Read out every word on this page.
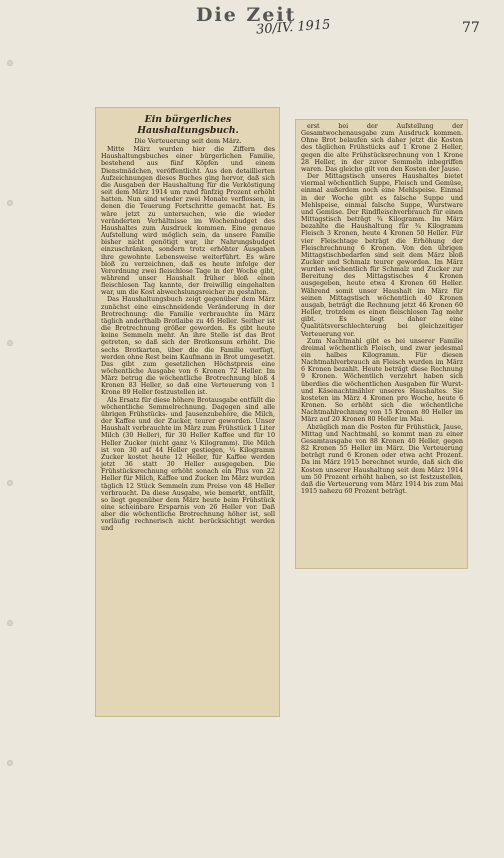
Die Zeit
30/IV. 1915	77
Ein bürgerliches Haushaltungsbuch.
Die Verteuerung seit dem März.

Mitte März wurden hier die Ziffern des Haushaltungsbuches einer bürgerlichen Familie, bestehend aus fünf Köpfen und einem Dienstmädchen, veröffentlicht. Aus den detaillierten Aufzeichnungen dieses Buches ging hervor, daß sich die Ausgaben der Haushaltung für die Verköstigung seit dem März 1914 um rund fünfzig Prozent erhöht hatten. Nun sind wieder zwei Monate verflossen, in denen die Teuerung Fortschritte gemacht hat. Es wäre jetzt zu untersuchen, wie die wieder veränderten Verhältnisse im Wochenbudget des Haushaltes zum Ausdruck kommen. Eine genaue Aufstellung wird möglich sein, da unsere Familie bisher nicht genötigt war, ihr Nahrungsbudget einzuschränken, sondern trotz erhöhter Ausgaben ihre gewohnte Lebensweise weiterführt. Es wäre bloß zu verzeichnen, daß es heute infolge der Verordnung zwei fleischlose Tage in der Woche gibt, während unser Haushalt früher bloß einen fleischlosen Tag kannte, der freiwillig eingehalten war, um die Kost abwechslungsreicher zu gestalten.

Das Haushaltungsbuch zeigt gegenüber dem März zunächst eine einschneidende Veränderung in der Brotrechnung: die Familie verbrauchte im März täglich anderthalb Brotlaibe zu 46 Heller. Seither ist die Brotrechnung größer geworden. Es gibt heute keine Semmeln mehr. An ihre Stelle ist das Brot getreten, so daß sich der Brotkonsum erhöht. Die sechs Brotkarten, über die die Familie verfügt, werden ohne Rest beim Kaufmann in Brot umgesetzt. Das gibt zum gesetzlichen Höchstpreis eine wöchentliche Ausgabe von 6 Kronen 72 Heller. Im März betrug die wöchentliche Brotrechnung bloß 4 Kronen 83 Heller, so daß eine Verteuerung von 1 Krone 89 Heller festzustellen ist.

Als Ersatz für diese höhere Brotausgabe entfällt die wöchentliche Semmelrechnung. Dagegen sind alle übrigen Frühstücks- und Jausenzubehöre, die Milch, der Kaffee und der Zucker, teurer geworden. Unser Haushalt verbrauchte im März zum Frühstück 1 Liter Milch (30 Heller), für 30 Heller Kaffee und für 10 Heller Zucker (nicht ganz ¼ Kilogramm). Die Milch ist von 30 auf 44 Heller gestiegen, ¼ Kilogramm Zucker kostet heute 12 Heller, für Kaffee werden jetzt 36 statt 30 Heller ausgegeben. Die Frühstücksrechnung erhöht sonach ein Plus von 22 Heller für Milch, Kaffee und Zucker. Im März wurden täglich 12 Stück Semmeln zum Preise von 48 Heller verbraucht. Da diese Ausgabe, wie bemerkt, entfällt, so liegt gegenüber dem März heute beim Frühstück eine scheinbare Ersparnis von 26 Heller vor. Daß aber die wöchentliche Brotrechnung höher ist, soll vorläufig rechnerisch nicht berücksichtigt werden und

erst bei der Aufstellung der Gesamtwochenausgabe zum Ausdruck kommen. Ohne Brot belaufen sich daher jetzt die Kosten des täglichen Frühstücks auf 1 Krone 2 Heller, gegen die alte Frühstücksrechnung von 1 Krone 28 Heller, in der zuvor Semmeln inbegriffen waren. Das gleiche gilt von den Kosten der Jause.

Der Mittagstisch unseres Haushaltes bietet viermal wöchentlich Suppe, Fleisch und Gemüse, einmal außerdem noch eine Mehlspeise. Einmal in der Woche gibt es falsche Suppe und Mehlspeise, einmal falsche Suppe, Wurstware und Gemüse. Der Rindfleischverbrauch für einen Mittagstisch beträgt ¾ Kilogramm. Im März bezahlte die Haushaltung für ¾ Kilogramm Fleisch 3 Kronen, heute 4 Kronen 50 Heller. Für vier Fleischtage beträgt die Erhöhung der Fleischrechnung 6 Kronen. Von den übrigen Mittagstischbedarfen sind seit dem März bloß Zucker und Schmalz teurer geworden. Im März wurden wöchentlich für Schmalz und Zucker zur Bereitung des Mittagstisches 4 Kronen ausgegeben, heute etwa 4 Kronen 60 Heller. Während somit unser Haushalt im März für seinen Mittagstisch wöchentlich 40 Kronen ausgab, beträgt die Rechnung jetzt 46 Kronen 60 Heller, trotzdem es einen fleischlosen Tag mehr gibt. Es liegt daher eine Qualitätsverschlechterung bei gleichzeitiger Verteuerung vor.

Zum Nachtmahl gibt es bei unserer Familie dreimal wöchentlich Fleisch, und zwar jedesmal ein halbes Kilogramm. Für diesen Nachtmahlverbrauch an Fleisch wurden im März 6 Kronen bezahlt. Heute beträgt diese Rechnung 9 Kronen. Wöchentlich verzehrt haben sich überdies die wöchentlichen Ausgaben für Wurst- und Käsenachtmähler unseres Haushaltes. Sie kosteten im März 4 Kronen pro Woche, heute 6 Kronen. So erhöht sich die wöchentliche Nachtmahlrechnung von 15 Kronen 80 Heller im März auf 20 Kronen 80 Heller im Mai.

Abzüglich man die Posten für Frühstück, Jause, Mittag und Nachtmahl, so kommt man zu einer Gesamtausgabe von 88 Kronen 40 Heller, gegen 82 Kronen 55 Heller im März. Die Verteuerung beträgt rund 6 Kronen oder etwa acht Prozent. Da im März 1915 berechnet wurde, daß sich die Kosten unserer Haushaltung seit dem März 1914 um 50 Prozent erhöht haben, so ist festzustellen, daß die Verteuerung vom März 1914 bis zum Mai 1915 nahezu 60 Prozent beträgt.
